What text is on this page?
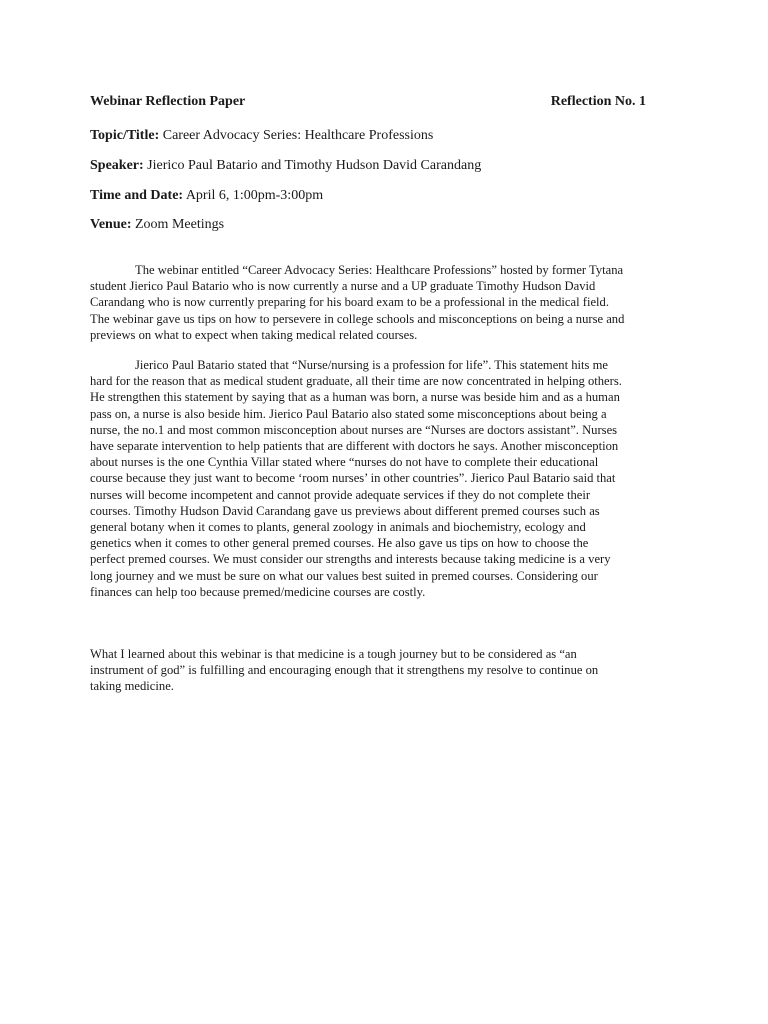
Webinar Reflection Paper	Reflection No. 1
Topic/Title: Career Advocacy Series: Healthcare Professions
Speaker: Jierico Paul Batario and Timothy Hudson David Carandang
Time and Date: April 6, 1:00pm-3:00pm
Venue: Zoom Meetings
The webinar entitled “Career Advocacy Series: Healthcare Professions” hosted by former Tytana
student Jierico Paul Batario who is now currently a nurse and a UP graduate Timothy Hudson David
Carandang who is now currently preparing for his board exam to be a professional in the medical field.
The webinar gave us tips on how to persevere in college schools and misconceptions on being a nurse and
previews on what to expect when taking medical related courses.
Jierico Paul Batario stated that “Nurse/nursing is a profession for life”. This statement hits me
hard for the reason that as medical student graduate, all their time are now concentrated in helping others.
He strengthen this statement by saying that as a human was born, a nurse was beside him and as a human
pass on, a nurse is also beside him. Jierico Paul Batario also stated some misconceptions about being a
nurse, the no.1 and most common misconception about nurses are “Nurses are doctors assistant”. Nurses
have separate intervention to help patients that are different with doctors he says. Another misconception
about nurses is the one Cynthia Villar stated where “nurses do not have to complete their educational
course because they just want to become ‘room nurses’ in other countries”. Jierico Paul Batario said that
nurses will become incompetent and cannot provide adequate services if they do not complete their
courses. Timothy Hudson David Carandang gave us previews about different premed courses such as
general botany when it comes to plants, general zoology in animals and biochemistry, ecology and
genetics when it comes to other general premed courses. He also gave us tips on how to choose the
perfect premed courses. We must consider our strengths and interests because taking medicine is a very
long journey and we must be sure on what our values best suited in premed courses. Considering our
finances can help too because premed/medicine courses are costly.
What I learned about this webinar is that medicine is a tough journey but to be considered as “an
instrument of god” is fulfilling and encouraging enough that it strengthens my resolve to continue on
taking medicine.
